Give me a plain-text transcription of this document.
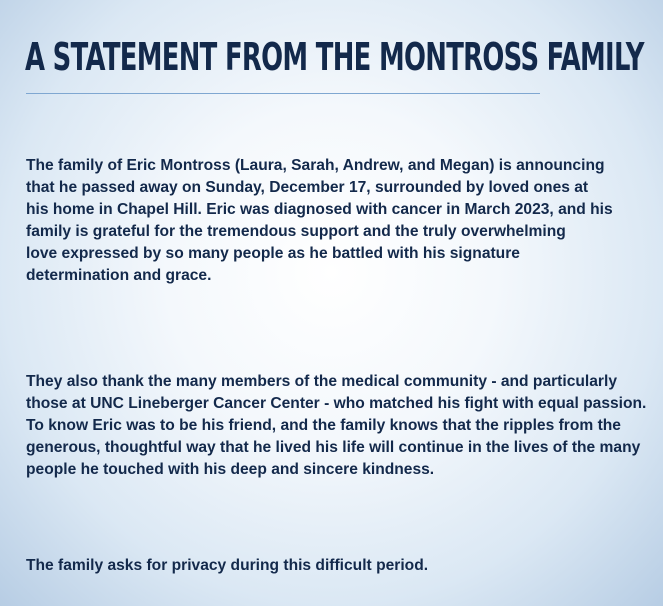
A STATEMENT FROM THE MONTROSS FAMILY

The family of Eric Montross (Laura, Sarah, Andrew, and Megan) is announcing
that he passed away on Sunday, December 17, surrounded by loved ones at
his home in Chapel Hill. Eric was diagnosed with cancer in March 2023, and his
family is grateful for the tremendous support and the truly overwhelming
love expressed by so many people as he battled with his signature
determination and grace.

They also thank the many members of the medical community - and particularly
those at UNC Lineberger Cancer Center - who matched his fight with equal passion.
To know Eric was to be his friend, and the family knows that the ripples from the
generous, thoughtful way that he lived his life will continue in the lives of the many
people he touched with his deep and sincere kindness.

The family asks for privacy during this difficult period.
